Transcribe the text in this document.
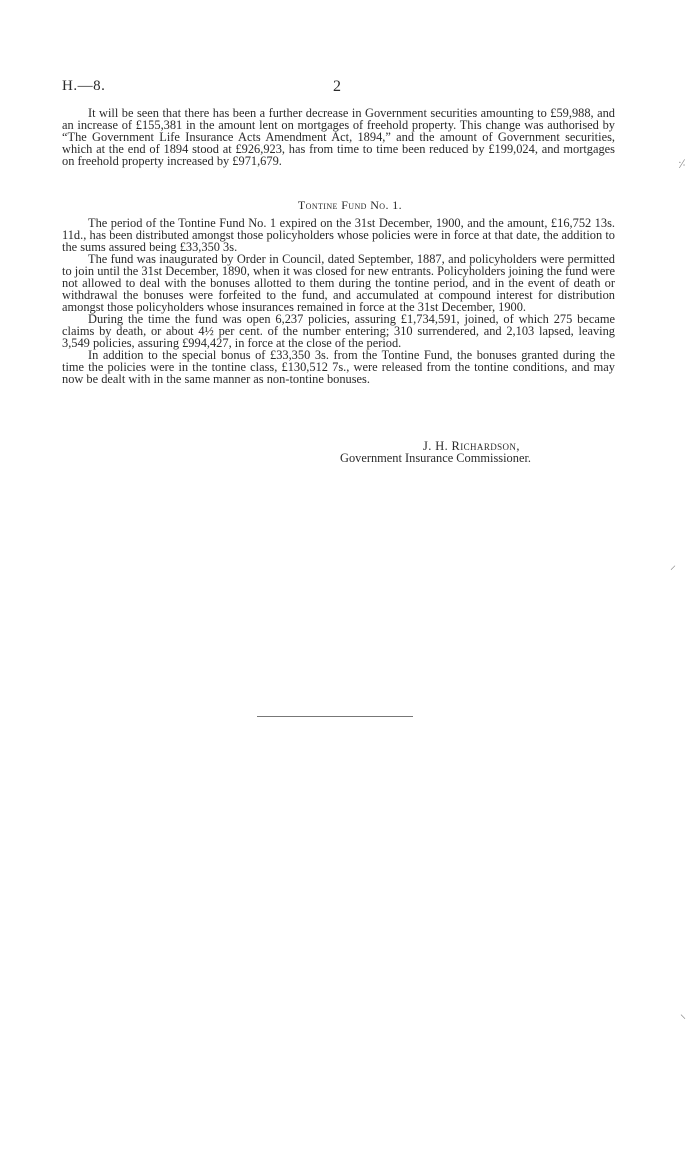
H.—8.	2

It will be seen that there has been a further decrease in Government securities amounting to £59,988, and an increase of £155,381 in the amount lent on mortgages of freehold property. This change was authorised by “The Government Life Insurance Acts Amendment Act, 1894,” and the amount of Government securities, which at the end of 1894 stood at £926,923, has from time to time been reduced by £199,024, and mortgages on freehold property increased by £971,679.

Tontine Fund No. 1.

The period of the Tontine Fund No. 1 expired on the 31st December, 1900, and the amount, £16,752 13s. 11d., has been distributed amongst those policyholders whose policies were in force at that date, the addition to the sums assured being £33,350 3s.

The fund was inaugurated by Order in Council, dated September, 1887, and policyholders were permitted to join until the 31st December, 1890, when it was closed for new entrants. Policyholders joining the fund were not allowed to deal with the bonuses allotted to them during the tontine period, and in the event of death or withdrawal the bonuses were forfeited to the fund, and accumulated at compound interest for distribution amongst those policyholders whose insurances remained in force at the 31st December, 1900.

During the time the fund was open 6,237 policies, assuring £1,734,591, joined, of which 275 became claims by death, or about 4½ per cent. of the number entering; 310 surrendered, and 2,103 lapsed, leaving 3,549 policies, assuring £994,427, in force at the close of the period.

In addition to the special bonus of £33,350 3s. from the Tontine Fund, the bonuses granted during the time the policies were in the tontine class, £130,512 7s., were released from the tontine conditions, and may now be dealt with in the same manner as non-tontine bonuses.

J. H. Richardson,
Government Insurance Commissioner.
⸓
⸝
⸌
